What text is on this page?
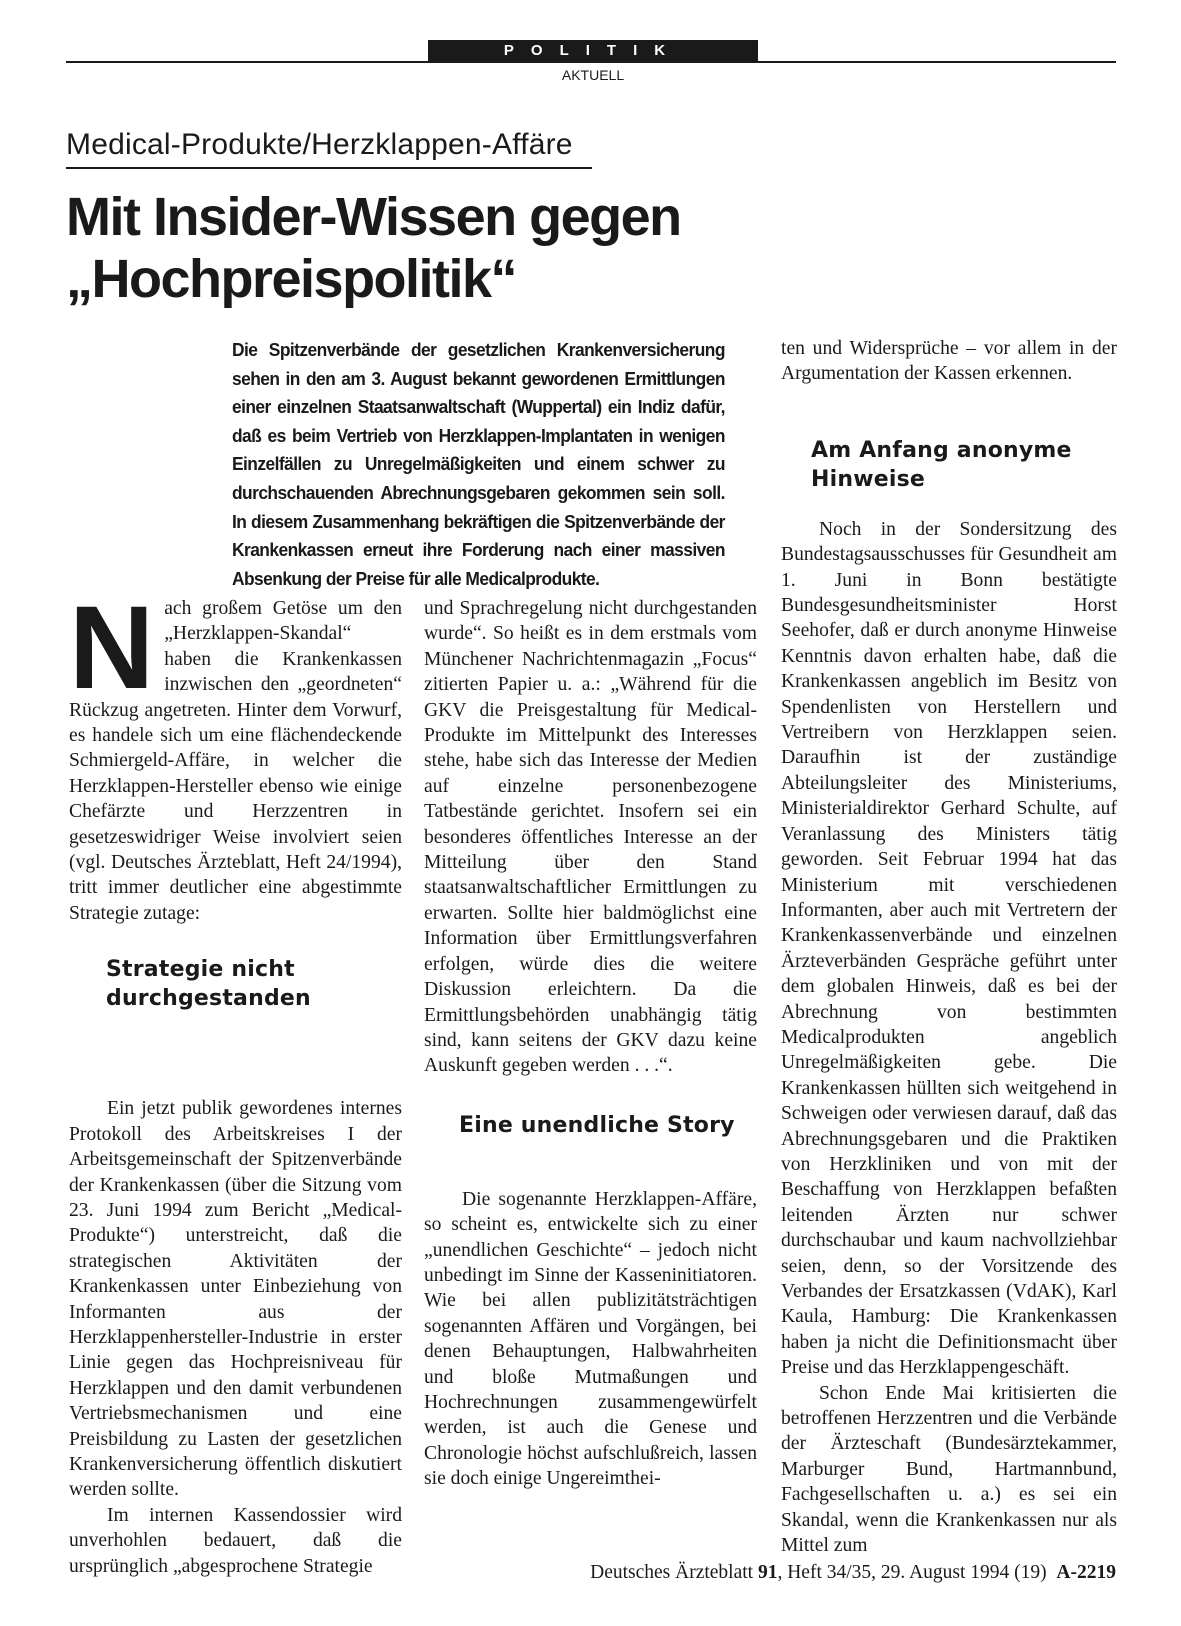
POLITIK
AKTUELL
Medical-Produkte/Herzklappen-Affäre
Mit Insider-Wissen gegen
„Hochpreispolitik“

Die Spitzenverbände der gesetzlichen Krankenversicherung sehen in den am 3. August bekannt gewordenen Ermittlungen einer einzelnen Staatsanwaltschaft (Wuppertal) ein Indiz dafür, daß es beim Vertrieb von Herzklappen-Implantaten in wenigen Einzelfällen zu Unregelmäßigkeiten und einem schwer zu durchschauenden Abrechnungsgebaren gekommen sein soll. In diesem Zusammenhang bekräftigen die Spitzenverbände der Krankenkassen erneut ihre Forderung nach einer massiven Absenkung der Preise für alle Medicalprodukte.

Nach großem Getöse um den „Herzklappen-Skandal“ haben die Krankenkassen inzwischen den „geordneten“ Rückzug angetreten. Hinter dem Vorwurf, es handele sich um eine flächendeckende Schmiergeld-Affäre, in welcher die Herzklappen-Hersteller ebenso wie einige Chefärzte und Herzzentren in gesetzeswidriger Weise involviert seien (vgl. Deutsches Ärzteblatt, Heft 24/1994), tritt immer deutlicher eine abgestimmte Strategie zutage:

Ein jetzt publik gewordenes internes Protokoll des Arbeitskreises I der Arbeitsgemeinschaft der Spitzenverbände der Krankenkassen (über die Sitzung vom 23. Juni 1994 zum Bericht „Medical-Produkte“) unterstreicht, daß die strategischen Aktivitäten der Krankenkassen unter Einbeziehung von Informanten aus der Herzklappenhersteller-Industrie in erster Linie gegen das Hochpreisniveau für Herzklappen und den damit verbundenen Vertriebsmechanismen und eine Preisbildung zu Lasten der gesetzlichen Krankenversicherung öffentlich diskutiert werden sollte.

Im internen Kassendossier wird unverhohlen bedauert, daß die ursprünglich „abgesprochene Strategie

Strategie nicht durchgestanden

und Sprachregelung nicht durchgestanden wurde“. So heißt es in dem erstmals vom Münchener Nachrichtenmagazin „Focus“ zitierten Papier u. a.: „Während für die GKV die Preisgestaltung für Medical-Produkte im Mittelpunkt des Interesses stehe, habe sich das Interesse der Medien auf einzelne personenbezogene Tatbestände gerichtet. Insofern sei ein besonderes öffentliches Interesse an der Mitteilung über den Stand staatsanwaltschaftlicher Ermittlungen zu erwarten. Sollte hier baldmöglichst eine Information über Ermittlungsverfahren erfolgen, würde dies die weitere Diskussion erleichtern. Da die Ermittlungsbehörden unabhängig tätig sind, kann seitens der GKV dazu keine Auskunft gegeben werden . . .“.

Die sogenannte Herzklappen-Affäre, so scheint es, entwickelte sich zu einer „unendlichen Geschichte“ – jedoch nicht unbedingt im Sinne der Kasseninitiatoren. Wie bei allen publizitätsträchtigen sogenannten Affären und Vorgängen, bei denen Behauptungen, Halbwahrheiten und bloße Mutmaßungen und Hochrechnungen zusammengewürfelt werden, ist auch die Genese und Chronologie höchst aufschlußreich, lassen sie doch einige Ungereimthei-

Eine unendliche Story

ten und Widersprüche – vor allem in der Argumentation der Kassen erkennen.

Noch in der Sondersitzung des Bundestagsausschusses für Gesundheit am 1. Juni in Bonn bestätigte Bundesgesundheitsminister Horst Seehofer, daß er durch anonyme Hinweise Kenntnis davon erhalten habe, daß die Krankenkassen angeblich im Besitz von Spendenlisten von Herstellern und Vertreibern von Herzklappen seien. Daraufhin ist der zuständige Abteilungsleiter des Ministeriums, Ministerialdirektor Gerhard Schulte, auf Veranlassung des Ministers tätig geworden. Seit Februar 1994 hat das Ministerium mit verschiedenen Informanten, aber auch mit Vertretern der Krankenkassenverbände und einzelnen Ärzteverbänden Gespräche geführt unter dem globalen Hinweis, daß es bei der Abrechnung von bestimmten Medicalprodukten angeblich Unregelmäßigkeiten gebe. Die Krankenkassen hüllten sich weitgehend in Schweigen oder verwiesen darauf, daß das Abrechnungsgebaren und die Praktiken von Herzkliniken und von mit der Beschaffung von Herzklappen befaßten leitenden Ärzten nur schwer durchschaubar und kaum nachvollziehbar seien, denn, so der Vorsitzende des Verbandes der Ersatzkassen (VdAK), Karl Kaula, Hamburg: Die Krankenkassen haben ja nicht die Definitionsmacht über Preise und das Herzklappengeschäft.

Schon Ende Mai kritisierten die betroffenen Herzzentren und die Verbände der Ärzteschaft (Bundesärztekammer, Marburger Bund, Hartmannbund, Fachgesellschaften u. a.) es sei ein Skandal, wenn die Krankenkassen nur als Mittel zum

Am Anfang anonyme Hinweise
Deutsches Ärzteblatt 91, Heft 34/35, 29. August 1994 (19) A-2219
